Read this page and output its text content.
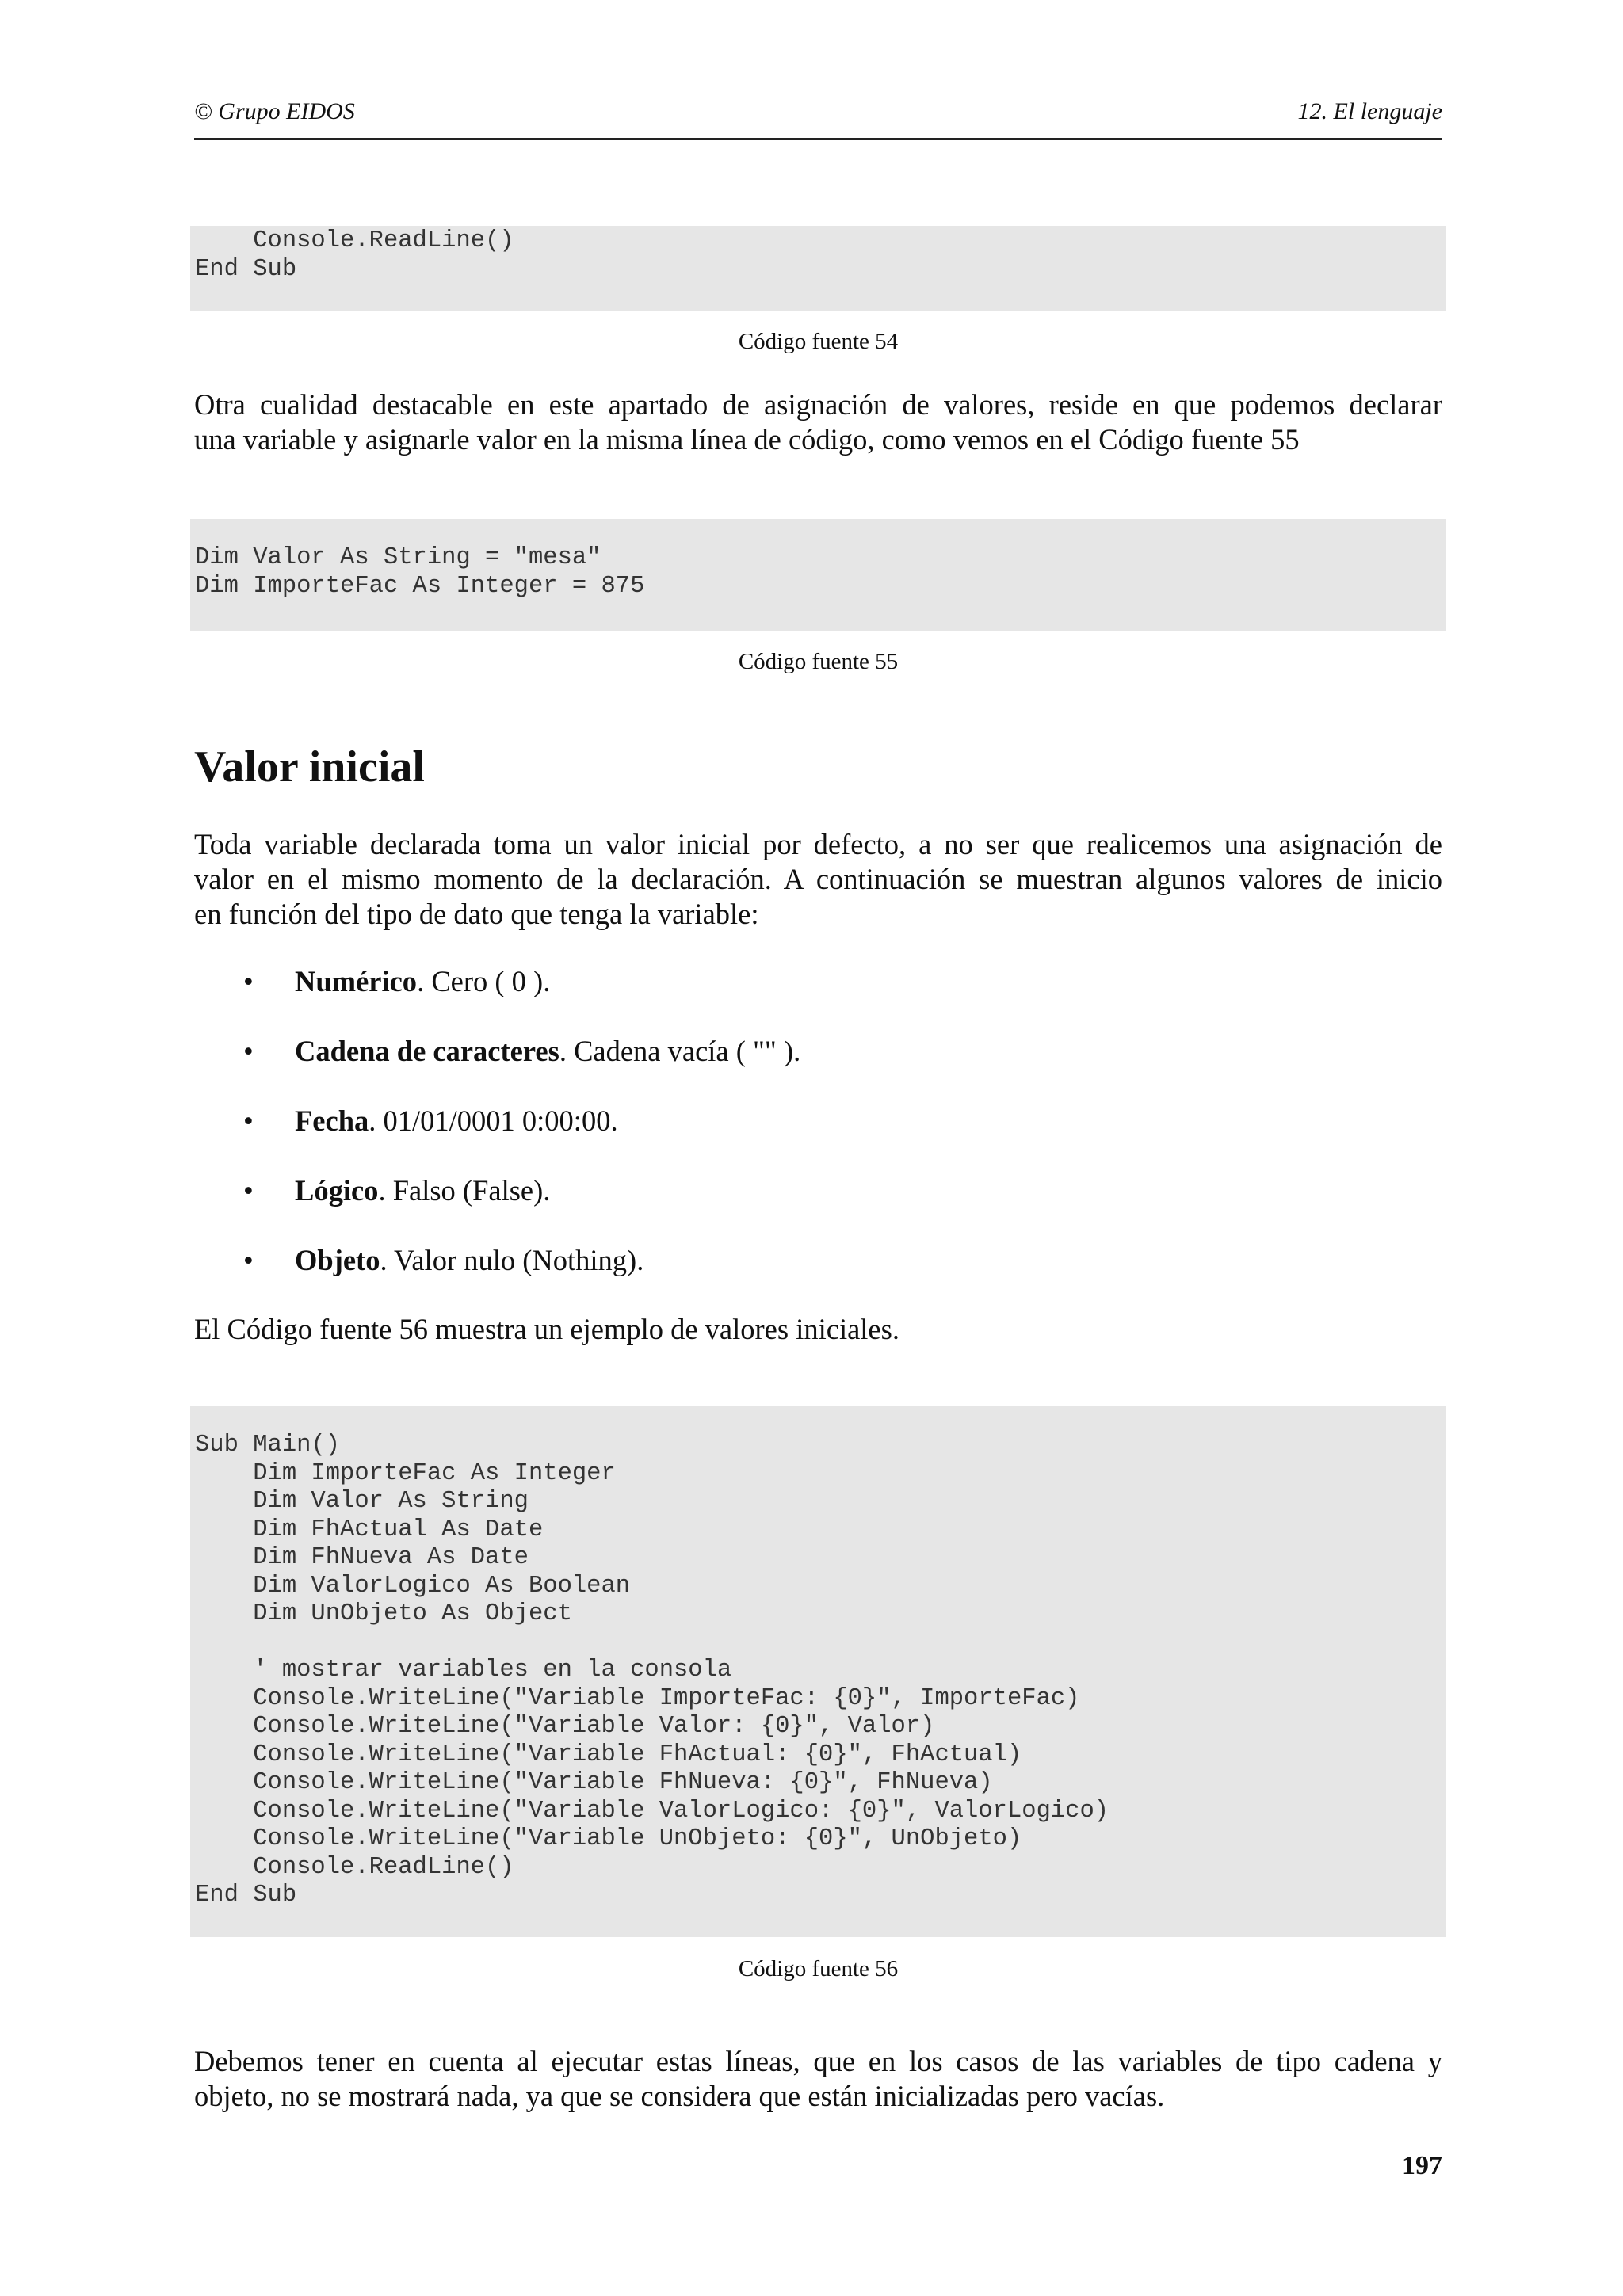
© Grupo EIDOS	12. El lenguaje
Console.ReadLine()
End Sub
Código fuente 54
Otra cualidad destacable en este apartado de asignación de valores, reside en que podemos declarar
una variable y asignarle valor en la misma línea de código, como vemos en el Código fuente 55
Dim Valor As String = "mesa"
Dim ImporteFac As Integer = 875
Código fuente 55
Valor inicial
Toda variable declarada toma un valor inicial por defecto, a no ser que realicemos una asignación de
valor en el mismo momento de la declaración. A continuación se muestran algunos valores de inicio
en función del tipo de dato que tenga la variable:
• Numérico. Cero ( 0 ).
• Cadena de caracteres. Cadena vacía ( "" ).
• Fecha. 01/01/0001 0:00:00.
• Lógico. Falso (False).
• Objeto. Valor nulo (Nothing).
El Código fuente 56 muestra un ejemplo de valores iniciales.
Sub Main()
Dim ImporteFac As Integer
Dim Valor As String
Dim FhActual As Date
Dim FhNueva As Date
Dim ValorLogico As Boolean
Dim UnObjeto As Object

' mostrar variables en la consola
Console.WriteLine("Variable ImporteFac: {0}", ImporteFac)
Console.WriteLine("Variable Valor: {0}", Valor)
Console.WriteLine("Variable FhActual: {0}", FhActual)
Console.WriteLine("Variable FhNueva: {0}", FhNueva)
Console.WriteLine("Variable ValorLogico: {0}", ValorLogico)
Console.WriteLine("Variable UnObjeto: {0}", UnObjeto)
Console.ReadLine()
End Sub
Código fuente 56
Debemos tener en cuenta al ejecutar estas líneas, que en los casos de las variables de tipo cadena y
objeto, no se mostrará nada, ya que se considera que están inicializadas pero vacías.
197
